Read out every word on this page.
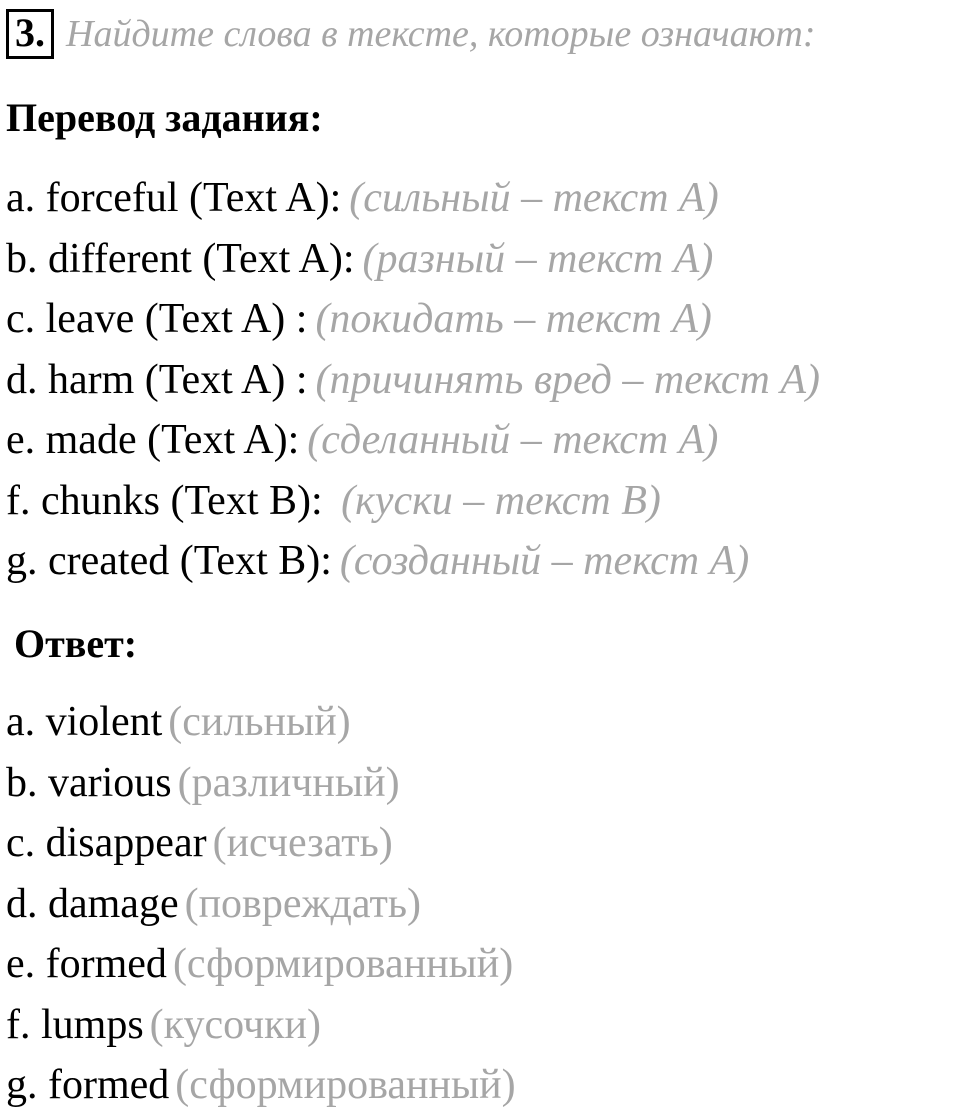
3. Найдите слова в тексте, которые означают:
Перевод задания:
a. forceful (Text A): (сильный – текст А)
b. different (Text A): (разный – текст А)
c. leave (Text A) : (покидать – текст А)
d. harm (Text A) : (причинять вред – текст А)
e. made (Text A): (сделанный – текст А)
f. chunks (Text B): (куски – текст В)
g. created (Text B): (созданный – текст А)
Ответ:
a. violent (сильный)
b. various (различный)
c. disappear (исчезать)
d. damage (повреждать)
e. formed (сформированный)
f. lumps (кусочки)
g. formed (сформированный)
